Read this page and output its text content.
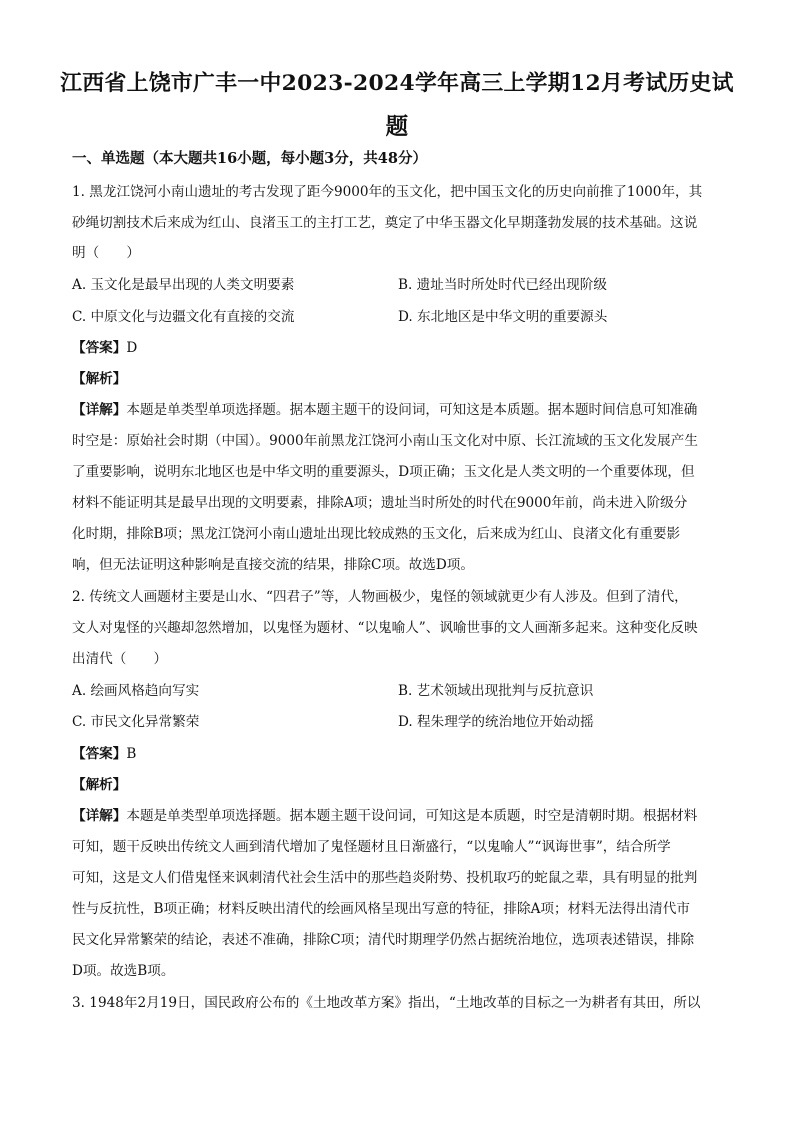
江西省上饶市广丰一中2023-2024学年高三上学期12月考试历史试
题
一、单选题（本大题共16小题，每小题3分，共48分）
1. 黑龙江饶河小南山遗址的考古发现了距今9000年的玉文化，把中国玉文化的历史向前推了1000年，其
砂绳切割技术后来成为红山、良渚玉工的主打工艺，奠定了中华玉器文化早期蓬勃发展的技术基础。这说
明（　　）
A. 玉文化是最早出现的人类文明要素	B. 遗址当时所处时代已经出现阶级
C. 中原文化与边疆文化有直接的交流	D. 东北地区是中华文明的重要源头
【答案】D
【解析】
【详解】本题是单类型单项选择题。据本题主题干的设问词，可知这是本质题。据本题时间信息可知准确
时空是：原始社会时期（中国）。9000年前黑龙江饶河小南山玉文化对中原、长江流域的玉文化发展产生
了重要影响，说明东北地区也是中华文明的重要源头，D项正确；玉文化是人类文明的一个重要体现，但
材料不能证明其是最早出现的文明要素，排除A项；遗址当时所处的时代在9000年前，尚未进入阶级分
化时期，排除B项；黑龙江饶河小南山遗址出现比较成熟的玉文化，后来成为红山、良渚文化有重要影
响，但无法证明这种影响是直接交流的结果，排除C项。故选D项。
2. 传统文人画题材主要是山水、“四君子”等，人物画极少，鬼怪的领域就更少有人涉及。但到了清代，
文人对鬼怪的兴趣却忽然增加，以鬼怪为题材、“以鬼喻人”、讽喻世事的文人画渐多起来。这种变化反映
出清代（　　）
A. 绘画风格趋向写实	B. 艺术领域出现批判与反抗意识
C. 市民文化异常繁荣	D. 程朱理学的统治地位开始动摇
【答案】B
【解析】
【详解】本题是单类型单项选择题。据本题主题干设问词，可知这是本质题，时空是清朝时期。根据材料
可知，题干反映出传统文人画到清代增加了鬼怪题材且日渐盛行，“以鬼喻人”“讽诲世事”，结合所学
可知，这是文人们借鬼怪来讽刺清代社会生活中的那些趋炎附势、投机取巧的蛇鼠之辈，具有明显的批判
性与反抗性，B项正确；材料反映出清代的绘画风格呈现出写意的特征，排除A项；材料无法得出清代市
民文化异常繁荣的结论，表述不准确，排除C项；清代时期理学仍然占据统治地位，选项表述错误，排除
D项。故选B项。
3. 1948年2月19日，国民政府公布的《土地改革方案》指出，“土地改革的目标之一为耕者有其田，所以
